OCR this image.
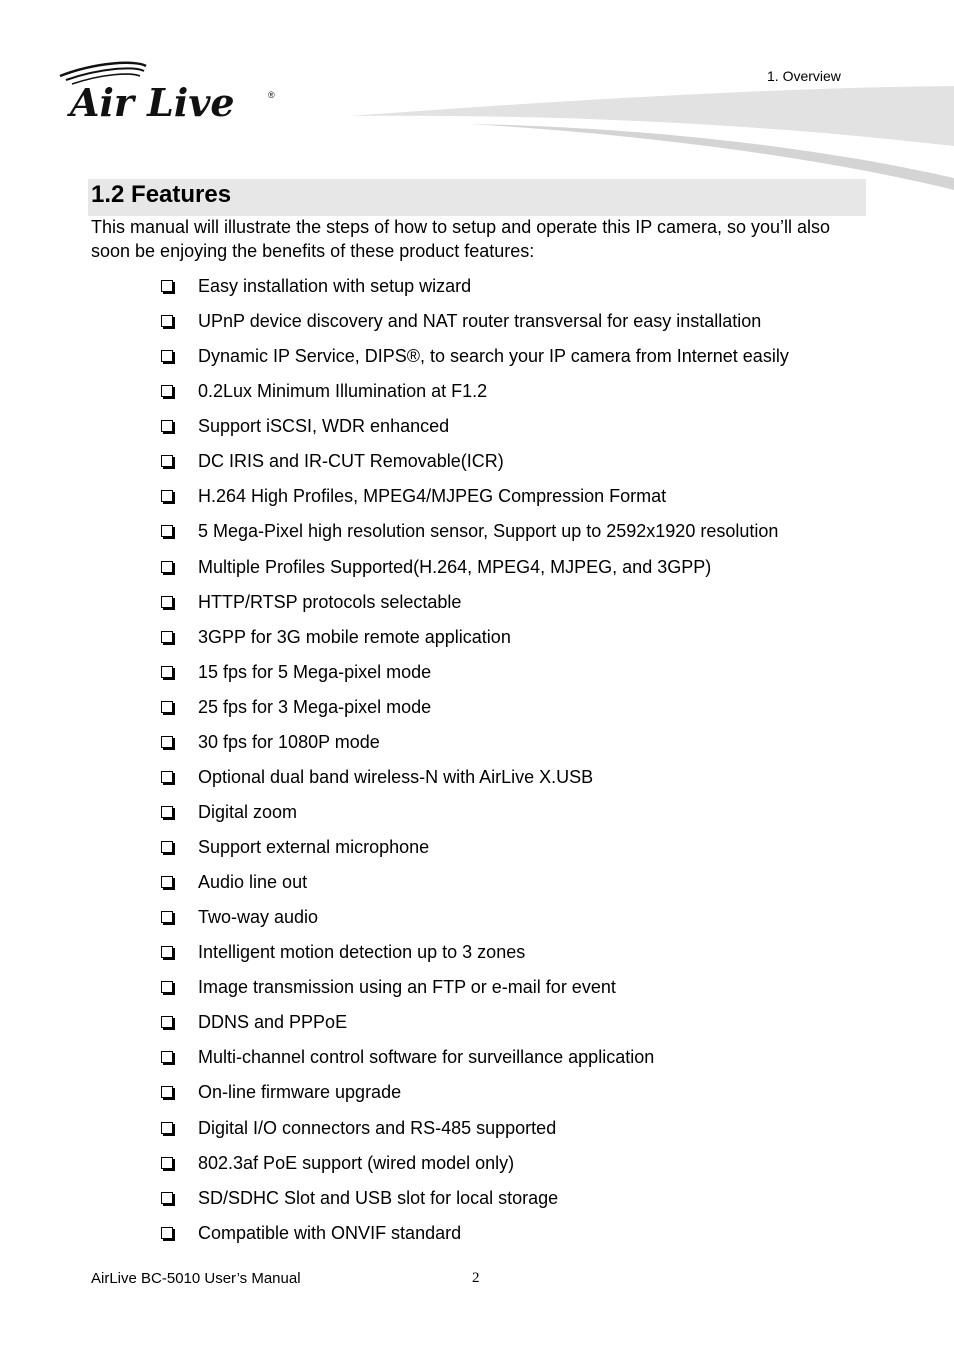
Air Live	®
1. Overview
1.2 Features

This manual will illustrate the steps of how to setup and operate this IP camera, so you’ll also soon be enjoying the benefits of these product features:

Easy installation with setup wizard
UPnP device discovery and NAT router transversal for easy installation
Dynamic IP Service, DIPS®, to search your IP camera from Internet easily
0.2Lux Minimum Illumination at F1.2
Support iSCSI, WDR enhanced
DC IRIS and IR-CUT Removable(ICR)
H.264 High Profiles, MPEG4/MJPEG Compression Format
5 Mega-Pixel high resolution sensor, Support up to 2592x1920 resolution
Multiple Profiles Supported(H.264, MPEG4, MJPEG, and 3GPP)
HTTP/RTSP protocols selectable
3GPP for 3G mobile remote application
15 fps for 5 Mega-pixel mode
25 fps for 3 Mega-pixel mode
30 fps for 1080P mode
Optional dual band wireless-N with AirLive X.USB
Digital zoom
Support external microphone
Audio line out
Two-way audio
Intelligent motion detection up to 3 zones
Image transmission using an FTP or e-mail for event
DDNS and PPPoE
Multi-channel control software for surveillance application
On-line firmware upgrade
Digital I/O connectors and RS-485 supported
802.3af PoE support (wired model only)
SD/SDHC Slot and USB slot for local storage
Compatible with ONVIF standard
AirLive BC-5010 User’s Manual	2
